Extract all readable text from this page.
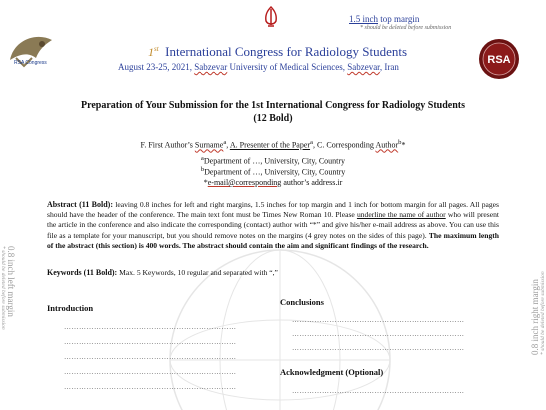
RSA Congress
1.5 inch top margin
* should be deleted before submission
RSA
1st International Congress for Radiology Students
August 23-25, 2021, Sabzevar University of Medical Sciences, Sabzevar, Iran
Preparation of Your Submission for the 1st International Congress for Radiology Students
(12 Bold)
F. First Author’s Surname$^a$, A. Presenter of the Paper$^a$, C. Corresponding Author$^b$*
$^a$Department of …, University, City, Country
$^b$Department of …, University, City, Country
*e-mail@corresponding author’s address.ir
Abstract (11 Bold): leaving 0.8 inches for left and right margins, 1.5 inches for top margin and 1 inch for bottom margin for all pages. All pages should have the header of the conference. The main text font must be Times New Roman 10. Please underline the name of author who will present the article in the conference and also indicate the corresponding (contact) author with “*” and give his/her e-mail address as above. You can use this file as a template for your manuscript, but you should remove notes on the margins (4 grey notes on the sides of this page). The maximum length of the abstract (this section) is 400 words. The abstract should contain the aim and significant findings of the research.
Keywords (11 Bold): Max. 5 Keywords, 10 regular and separated with “,”
0.8 inch left margin
* should be deleted before submission	0.8 inch right margin * should be deleted before submission
Introduction
……………………………………………………………
……………………………………………………………
……………………………………………………………
……………………………………………………………
……………………………………………………………
Conclusions
……………………………………………………………
……………………………………………………………
……………………………………………………………
Acknowledgment (Optional)
……………………………………………………………
